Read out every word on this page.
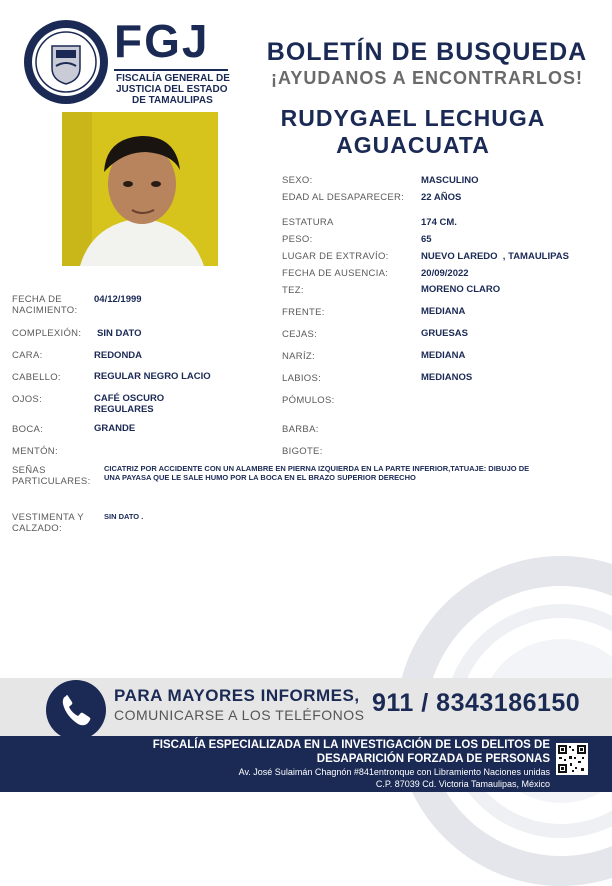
FGJ
FISCALÍA GENERAL DE
JUSTICIA DEL ESTADO
DE TAMAULIPAS
BOLETÍN DE BUSQUEDA
¡AYUDANOS A ENCONTRARLOS!
RUDYGAEL LECHUGA
AGUACUATA
SEXO:	MASCULINO
EDAD AL DESAPARECER: 22 AÑOS
ESTATURA	174 CM.
PESO:	65
LUGAR DE EXTRAVÍO:	NUEVO LAREDO  , TAMAULIPAS
FECHA DE AUSENCIA:	20/09/2022
TEZ:	MORENO CLARO
FRENTE:	MEDIANA
CEJAS:	GRUESAS
NARÍZ:	MEDIANA
LABIOS:	MEDIANOS
PÓMULOS:
BARBA:
BIGOTE:
FECHA DE
NACIMIENTO:
04/12/1999
COMPLEXIÓN: SIN DATO
CARA:	REDONDA
CABELLO:	REGULAR NEGRO LACIO
OJOS:	CAFÉ OSCURO
REGULARES
BOCA:	GRANDE
MENTÓN:
SEÑAS
PARTICULARES:
CICATRIZ POR ACCIDENTE CON UN ALAMBRE EN PIERNA IZQUIERDA EN LA PARTE INFERIOR,TATUAJE: DIBUJO DE
UNA PAYASA QUE LE SALE HUMO POR LA BOCA EN EL BRAZO SUPERIOR DERECHO
VESTIMENTA Y
CALZADO:
SIN DATO .
PARA MAYORES INFORMES,
COMUNICARSE A LOS TELÉFONOS 911 / 8343186150
FISCALÍA ESPECIALIZADA EN LA INVESTIGACIÓN DE LOS DELITOS DE
DESAPARICIÓN FORZADA DE PERSONAS
Av. José Sulaimán Chagnón #841entronque con Libramiento Naciones unidas
C.P. 87039 Cd. Victoria Tamaulipas, México
